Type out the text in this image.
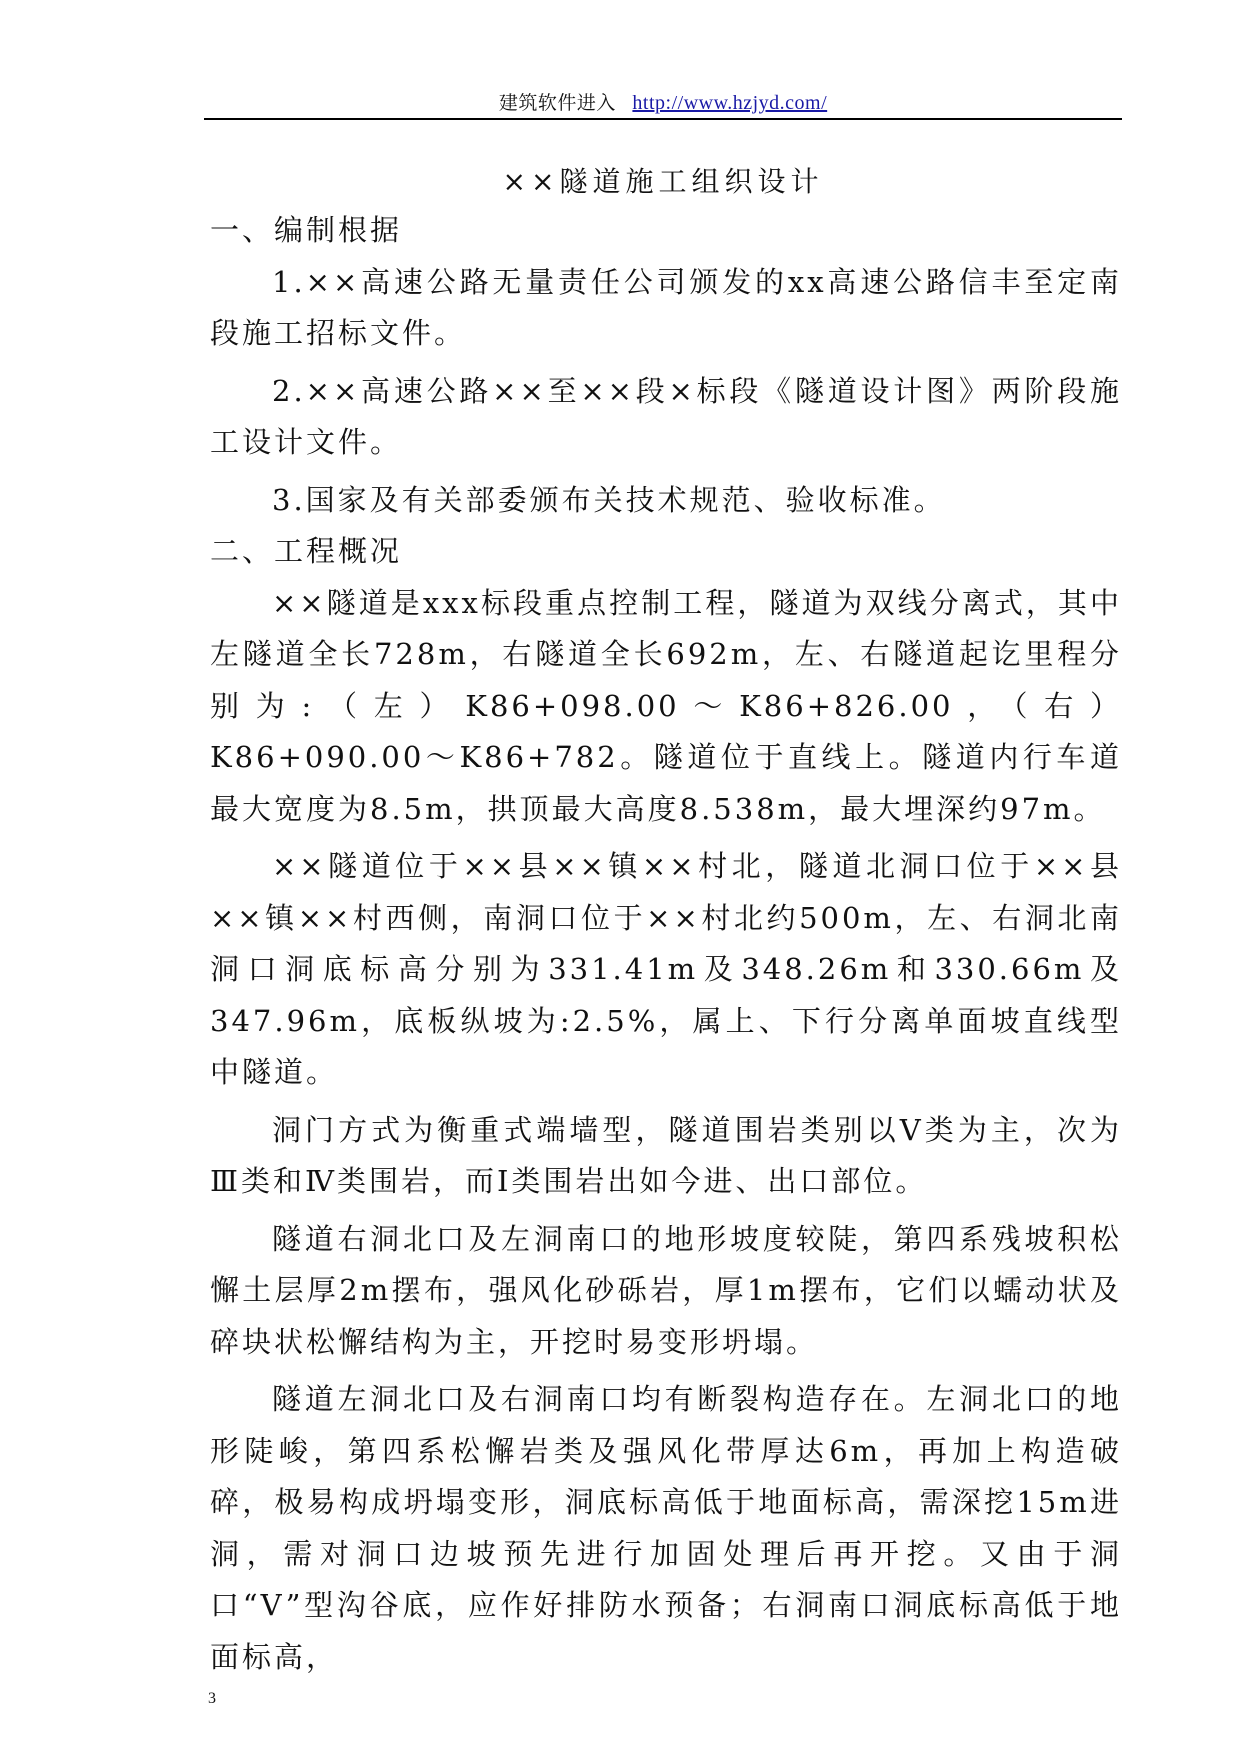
建筑软件进入 http://www.hzjyd.com/
××隧道施工组织设计

一、编制根据

1.××高速公路无量责任公司颁发的xx高速公路信丰至定南段施工招标文件。

2.××高速公路××至××段×标段《隧道设计图》两阶段施工设计文件。

3.国家及有关部委颁布关技术规范、验收标准。

二、工程概况

××隧道是xxx标段重点控制工程，隧道为双线分离式，其中左隧道全长728m，右隧道全长692m，左、右隧道起讫里程分别为:（左）K86+098.00～K86+826.00，（右）K86+090.00～K86+782。隧道位于直线上。隧道内行车道最大宽度为8.5m，拱顶最大高度8.538m，最大埋深约97m。

××隧道位于××县××镇××村北，隧道北洞口位于××县××镇××村西侧，南洞口位于××村北约500m，左、右洞北南洞口洞底标高分别为331.41m及348.26m和330.66m及347.96m，底板纵坡为:2.5%，属上、下行分离单面坡直线型中隧道。

洞门方式为衡重式端墙型，隧道围岩类别以Ⅴ类为主，次为Ⅲ类和Ⅳ类围岩，而Ⅰ类围岩出如今进、出口部位。

隧道右洞北口及左洞南口的地形坡度较陡，第四系残坡积松懈土层厚2m摆布，强风化砂砾岩，厚1m摆布，它们以蠕动状及碎块状松懈结构为主，开挖时易变形坍塌。

隧道左洞北口及右洞南口均有断裂构造存在。左洞北口的地形陡峻，第四系松懈岩类及强风化带厚达6m，再加上构造破碎，极易构成坍塌变形，洞底标高低于地面标高，需深挖15m进洞，需对洞口边坡预先进行加固处理后再开挖。又由于洞口“V”型沟谷底，应作好排防水预备；右洞南口洞底标高低于地面标高，

3
